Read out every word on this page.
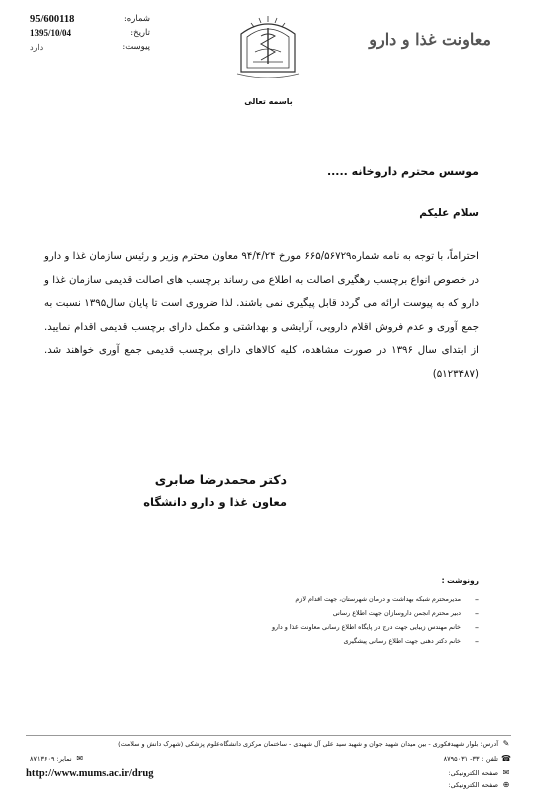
95/600118	شماره:
1395/10/04	تاریخ:
دارد	پیوست:	معاونت غذا و دارو
باسمه تعالی
موسس محترم داروخانه .....
سلام علیکم
احتراماً، با توجه به نامه شماره۶۶۵/۵۶۷۲۹ مورخ ۹۴/۴/۲۴ معاون محترم وزیر و رئیس سازمان غذا و دارو در خصوص انواع برچسب رهگیری اصالت به اطلاع می رساند برچسب های اصالت قدیمی سازمان غذا و دارو که به پیوست ارائه می گردد قابل پیگیری نمی باشند. لذا ضروری است تا پایان سال۱۳۹۵ نسبت به جمع آوری و عدم فروش اقلام دارویی، آرایشی و بهداشتی و مکمل دارای برچسب قدیمی اقدام نمایید. از ابتدای سال ۱۳۹۶ در صورت مشاهده، کلیه کالاهای دارای برچسب قدیمی جمع آوری خواهند شد.(۵۱۲۳۴۸۷)
دکتر محمدرضا صابری
معاون غذا و دارو دانشگاه
رونوشت :
–
مدیرمحترم شبکه بهداشت و درمان شهرستان، جهت اقدام لازم
–
دبیر محترم انجمن داروسازان جهت اطلاع رسانی
–
خانم مهندس زیبایی جهت درج در پایگاه اطلاع رسانی معاونت غذا و دارو
–
خانم دکتر دهنی جهت اطلاع رسانی پیشگیری
✎
آدرس: بلوار شهیدفکوری - بین میدان شهید جوان و شهید سید علی آل شهیدی - ساختمان مرکزی دانشگاه‌علوم پزشکی (شهرک دانش و سلامت)
☎
تلفن : ۳۳- ۸۷۹۵۰۳۱
✉
نمابر: ۸۷۱۳۶۰۹
✉
صفحه الکترونیکی:
http://www.mums.ac.ir/drug
⊕
صفحه الکترونیکی:
